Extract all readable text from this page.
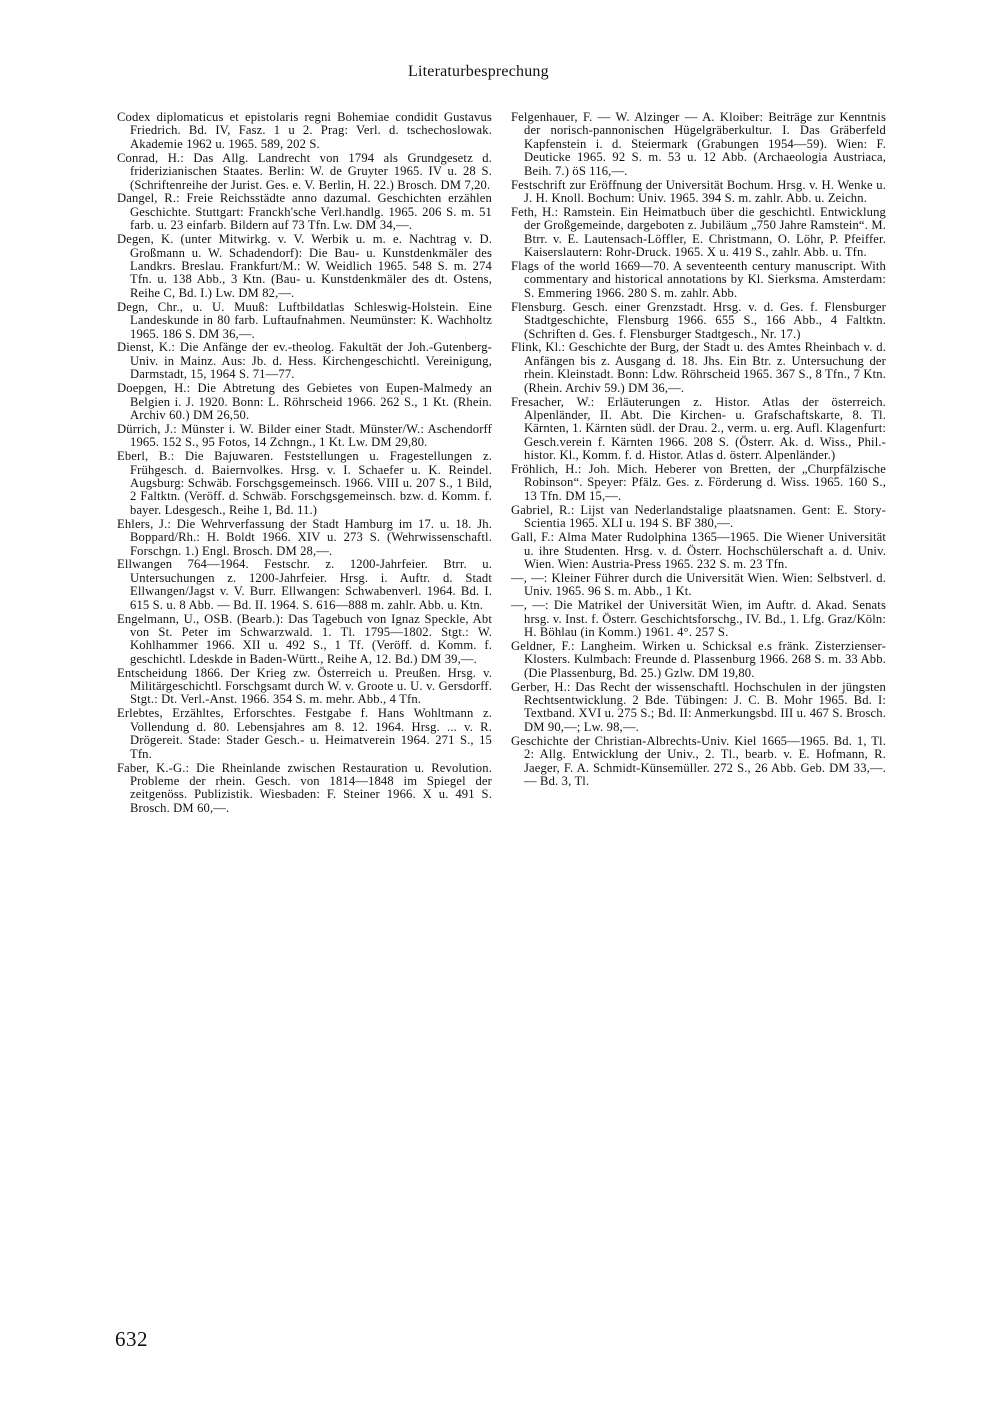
Literaturbesprechung

Codex diplomaticus et epistolaris regni Bohemiae condidit Gustavus Friedrich. Bd. IV, Fasz. 1 u 2. Prag: Verl. d. tschechoslowak. Akademie 1962 u. 1965. 589, 202 S.

Conrad, H.: Das Allg. Landrecht von 1794 als Grundgesetz d. friderizianischen Staates. Berlin: W. de Gruyter 1965. IV u. 28 S. (Schriftenreihe der Jurist. Ges. e. V. Berlin, H. 22.) Brosch. DM 7,20.

Dangel, R.: Freie Reichsstädte anno dazumal. Geschichten erzählen Geschichte. Stuttgart: Franckh'sche Verl.handlg. 1965. 206 S. m. 51 farb. u. 23 einfarb. Bildern auf 73 Tfn. Lw. DM 34,—.

Degen, K. (unter Mitwirkg. v. V. Werbik u. m. e. Nachtrag v. D. Großmann u. W. Schadendorf): Die Bau- u. Kunstdenkmäler des Landkrs. Breslau. Frankfurt/M.: W. Weidlich 1965. 548 S. m. 274 Tfn. u. 138 Abb., 3 Ktn. (Bau- u. Kunstdenkmäler des dt. Ostens, Reihe C, Bd. I.) Lw. DM 82,—.

Degn, Chr., u. U. Muuß: Luftbildatlas Schleswig-Holstein. Eine Landeskunde in 80 farb. Luftaufnahmen. Neumünster: K. Wachholtz 1965. 186 S. DM 36,—.

Dienst, K.: Die Anfänge der ev.-theolog. Fakultät der Joh.-Gutenberg-Univ. in Mainz. Aus: Jb. d. Hess. Kirchengeschichtl. Vereinigung, Darmstadt, 15, 1964 S. 71—77.

Doepgen, H.: Die Abtretung des Gebietes von Eupen-Malmedy an Belgien i. J. 1920. Bonn: L. Röhrscheid 1966. 262 S., 1 Kt. (Rhein. Archiv 60.) DM 26,50.

Dürrich, J.: Münster i. W. Bilder einer Stadt. Münster/W.: Aschendorff 1965. 152 S., 95 Fotos, 14 Zchngn., 1 Kt. Lw. DM 29,80.

Eberl, B.: Die Bajuwaren. Feststellungen u. Fragestellungen z. Frühgesch. d. Baiernvolkes. Hrsg. v. I. Schaefer u. K. Reindel. Augsburg: Schwäb. Forschgsgemeinsch. 1966. VIII u. 207 S., 1 Bild, 2 Faltktn. (Veröff. d. Schwäb. Forschgsgemeinsch. bzw. d. Komm. f. bayer. Ldesgesch., Reihe 1, Bd. 11.)

Ehlers, J.: Die Wehrverfassung der Stadt Hamburg im 17. u. 18. Jh. Boppard/Rh.: H. Boldt 1966. XIV u. 273 S. (Wehrwissenschaftl. Forschgn. 1.) Engl. Brosch. DM 28,—.

Ellwangen 764—1964. Festschr. z. 1200-Jahrfeier. Btrr. u. Untersuchungen z. 1200-Jahrfeier. Hrsg. i. Auftr. d. Stadt Ellwangen/Jagst v. V. Burr. Ellwangen: Schwabenverl. 1964. Bd. I. 615 S. u. 8 Abb. — Bd. II. 1964. S. 616—888 m. zahlr. Abb. u. Ktn.

Engelmann, U., OSB. (Bearb.): Das Tagebuch von Ignaz Speckle, Abt von St. Peter im Schwarzwald. 1. Tl. 1795—1802. Stgt.: W. Kohlhammer 1966. XII u. 492 S., 1 Tf. (Veröff. d. Komm. f. geschichtl. Ldeskde in Baden-Württ., Reihe A, 12. Bd.) DM 39,—.

Entscheidung 1866. Der Krieg zw. Österreich u. Preußen. Hrsg. v. Militärgeschichtl. Forschgsamt durch W. v. Groote u. U. v. Gersdorff. Stgt.: Dt. Verl.-Anst. 1966. 354 S. m. mehr. Abb., 4 Tfn.

Erlebtes, Erzähltes, Erforschtes. Festgabe f. Hans Wohltmann z. Vollendung d. 80. Lebensjahres am 8. 12. 1964. Hrsg. ... v. R. Drögereit. Stade: Stader Gesch.- u. Heimatverein 1964. 271 S., 15 Tfn.

Faber, K.-G.: Die Rheinlande zwischen Restauration u. Revolution. Probleme der rhein. Gesch. von 1814—1848 im Spiegel der zeitgenöss. Publizistik. Wiesbaden: F. Steiner 1966. X u. 491 S. Brosch. DM 60,—.

Felgenhauer, F. — W. Alzinger — A. Kloiber: Beiträge zur Kenntnis der norisch-pannonischen Hügelgräberkultur. I. Das Gräberfeld Kapfenstein i. d. Steiermark (Grabungen 1954—59). Wien: F. Deuticke 1965. 92 S. m. 53 u. 12 Abb. (Archaeologia Austriaca, Beih. 7.) öS 116,—.

Festschrift zur Eröffnung der Universität Bochum. Hrsg. v. H. Wenke u. J. H. Knoll. Bochum: Univ. 1965. 394 S. m. zahlr. Abb. u. Zeichn.

Feth, H.: Ramstein. Ein Heimatbuch über die geschichtl. Entwicklung der Großgemeinde, dargeboten z. Jubiläum „750 Jahre Ramstein“. M. Btrr. v. E. Lautensach-Löffler, E. Christmann, O. Löhr, P. Pfeiffer. Kaiserslautern: Rohr-Druck. 1965. X u. 419 S., zahlr. Abb. u. Tfn.

Flags of the world 1669—70. A seventeenth century manuscript. With commentary and historical annotations by Kl. Sierksma. Amsterdam: S. Emmering 1966. 280 S. m. zahlr. Abb.

Flensburg. Gesch. einer Grenzstadt. Hrsg. v. d. Ges. f. Flensburger Stadtgeschichte, Flensburg 1966. 655 S., 166 Abb., 4 Faltktn. (Schriften d. Ges. f. Flensburger Stadtgesch., Nr. 17.)

Flink, Kl.: Geschichte der Burg, der Stadt u. des Amtes Rheinbach v. d. Anfängen bis z. Ausgang d. 18. Jhs. Ein Btr. z. Untersuchung der rhein. Kleinstadt. Bonn: Ldw. Röhrscheid 1965. 367 S., 8 Tfn., 7 Ktn. (Rhein. Archiv 59.) DM 36,—.

Fresacher, W.: Erläuterungen z. Histor. Atlas der österreich. Alpenländer, II. Abt. Die Kirchen- u. Grafschaftskarte, 8. Tl. Kärnten, 1. Kärnten südl. der Drau. 2., verm. u. erg. Aufl. Klagenfurt: Gesch.verein f. Kärnten 1966. 208 S. (Österr. Ak. d. Wiss., Phil.-histor. Kl., Komm. f. d. Histor. Atlas d. österr. Alpenländer.)

Fröhlich, H.: Joh. Mich. Heberer von Bretten, der „Churpfälzische Robinson“. Speyer: Pfälz. Ges. z. Förderung d. Wiss. 1965. 160 S., 13 Tfn. DM 15,—.

Gabriel, R.: Lijst van Nederlandstalige plaatsnamen. Gent: E. Story-Scientia 1965. XLI u. 194 S. BF 380,—.

Gall, F.: Alma Mater Rudolphina 1365—1965. Die Wiener Universität u. ihre Studenten. Hrsg. v. d. Österr. Hochschülerschaft a. d. Univ. Wien. Wien: Austria-Press 1965. 232 S. m. 23 Tfn.

—, —: Kleiner Führer durch die Universität Wien. Wien: Selbstverl. d. Univ. 1965. 96 S. m. Abb., 1 Kt.

—, —: Die Matrikel der Universität Wien, im Auftr. d. Akad. Senats hrsg. v. Inst. f. Österr. Geschichtsforschg., IV. Bd., 1. Lfg. Graz/Köln: H. Böhlau (in Komm.) 1961. 4°. 257 S.

Geldner, F.: Langheim. Wirken u. Schicksal e.s fränk. Zisterzienser-Klosters. Kulmbach: Freunde d. Plassenburg 1966. 268 S. m. 33 Abb. (Die Plassenburg, Bd. 25.) Gzlw. DM 19,80.

Gerber, H.: Das Recht der wissenschaftl. Hochschulen in der jüngsten Rechtsentwicklung. 2 Bde. Tübingen: J. C. B. Mohr 1965. Bd. I: Textband. XVI u. 275 S.; Bd. II: Anmerkungsbd. III u. 467 S. Brosch. DM 90,—; Lw. 98,—.

Geschichte der Christian-Albrechts-Univ. Kiel 1665—1965. Bd. 1, Tl. 2: Allg. Entwicklung der Univ., 2. Tl., bearb. v. E. Hofmann, R. Jaeger, F. A. Schmidt-Künsemüller. 272 S., 26 Abb. Geb. DM 33,—. — Bd. 3, Tl.

632
